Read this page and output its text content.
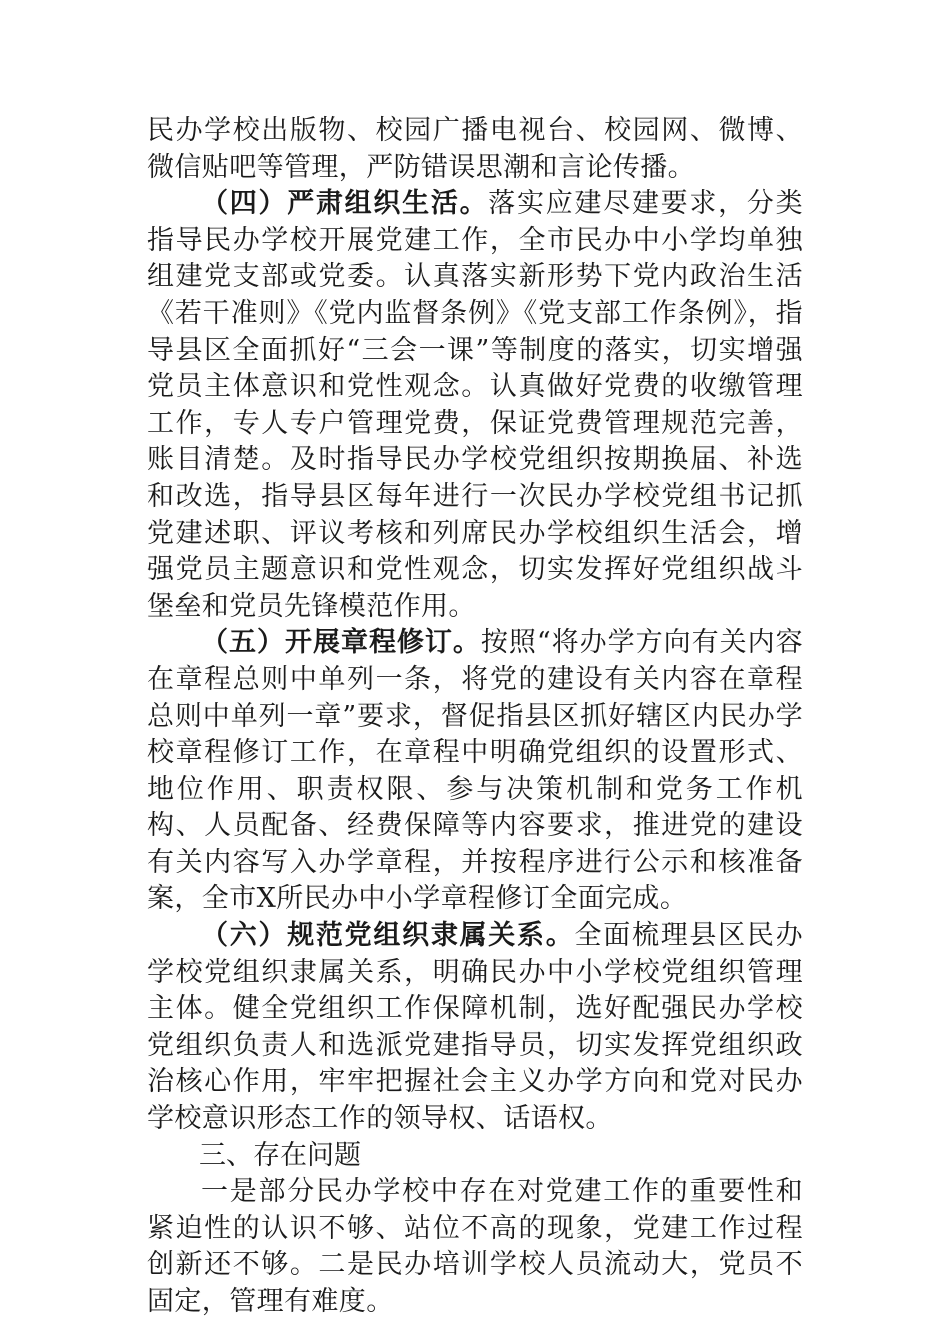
民办学校出版物、校园广播电视台、校园网、微博、微信贴吧等管理，严防错误思潮和言论传播。

（四）严肃组织生活。落实应建尽建要求，分类指导民办学校开展党建工作，全市民办中小学均单独组建党支部或党委。认真落实新形势下党内政治生活《若干准则》《党内监督条例》《党支部工作条例》，指导县区全面抓好“三会一课”等制度的落实，切实增强党员主体意识和党性观念。认真做好党费的收缴管理工作，专人专户管理党费，保证党费管理规范完善，账目清楚。及时指导民办学校党组织按期换届、补选和改选，指导县区每年进行一次民办学校党组书记抓党建述职、评议考核和列席民办学校组织生活会，增强党员主题意识和党性观念，切实发挥好党组织战斗堡垒和党员先锋模范作用。

（五）开展章程修订。按照“将办学方向有关内容在章程总则中单列一条，将党的建设有关内容在章程总则中单列一章”要求，督促指县区抓好辖区内民办学校章程修订工作，在章程中明确党组织的设置形式、地位作用、职责权限、参与决策机制和党务工作机构、人员配备、经费保障等内容要求，推进党的建设有关内容写入办学章程，并按程序进行公示和核准备案，全市X所民办中小学章程修订全面完成。

（六）规范党组织隶属关系。全面梳理县区民办学校党组织隶属关系，明确民办中小学校党组织管理主体。健全党组织工作保障机制，选好配强民办学校党组织负责人和选派党建指导员，切实发挥党组织政治核心作用，牢牢把握社会主义办学方向和党对民办学校意识形态工作的领导权、话语权。

三、存在问题

一是部分民办学校中存在对党建工作的重要性和紧迫性的认识不够、站位不高的现象，党建工作过程创新还不够。二是民办培训学校人员流动大，党员不固定，管理有难度。
